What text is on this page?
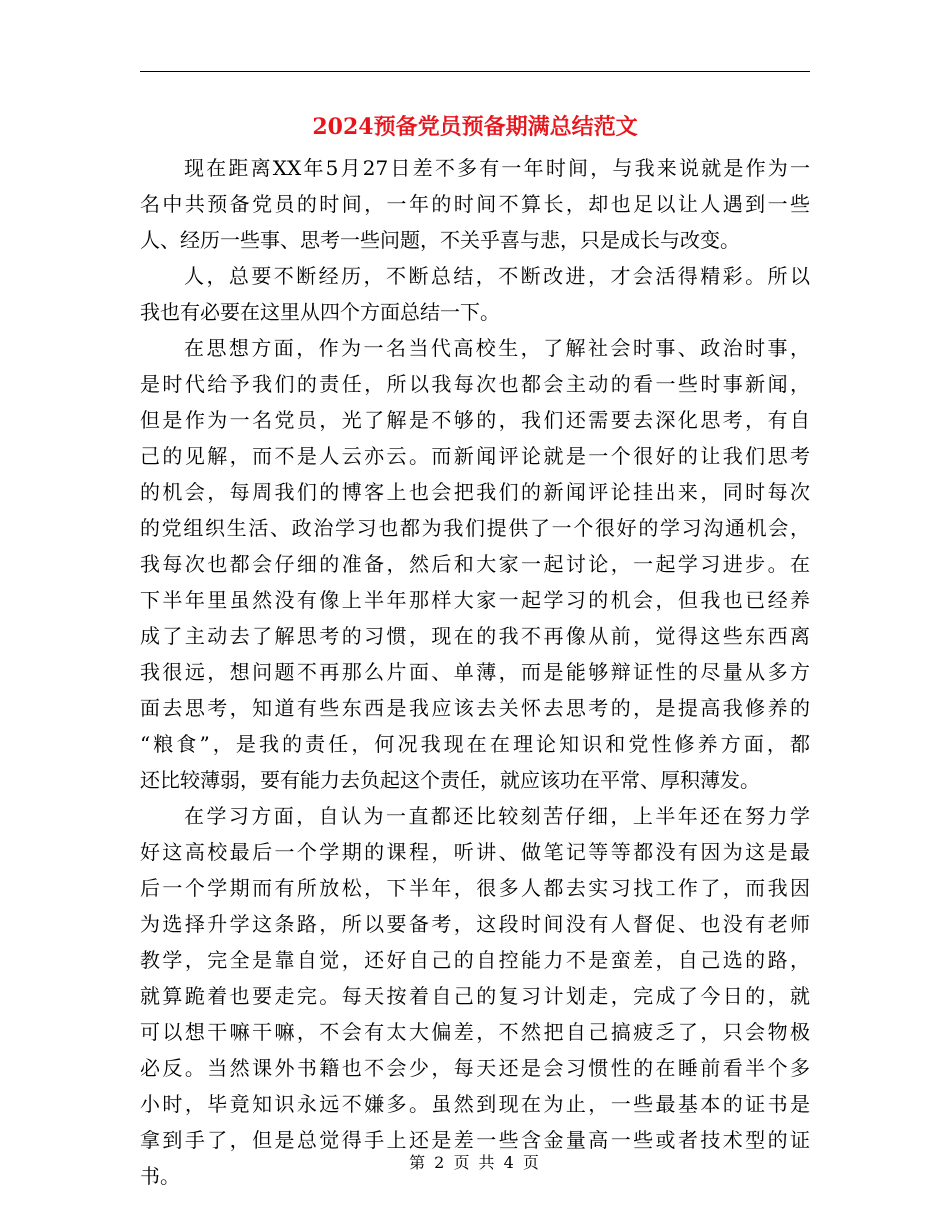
2024预备党员预备期满总结范文
现在距离XX年5月27日差不多有一年时间，与我来说就是作为一
名中共预备党员的时间，一年的时间不算长，却也足以让人遇到一些
人、经历一些事、思考一些问题，不关乎喜与悲，只是成长与改变。
人，总要不断经历，不断总结，不断改进，才会活得精彩。所以
我也有必要在这里从四个方面总结一下。
在思想方面，作为一名当代高校生，了解社会时事、政治时事，
是时代给予我们的责任，所以我每次也都会主动的看一些时事新闻，
但是作为一名党员，光了解是不够的，我们还需要去深化思考，有自
己的见解，而不是人云亦云。而新闻评论就是一个很好的让我们思考
的机会，每周我们的博客上也会把我们的新闻评论挂出来，同时每次
的党组织生活、政治学习也都为我们提供了一个很好的学习沟通机会，
我每次也都会仔细的准备，然后和大家一起讨论，一起学习进步。在
下半年里虽然没有像上半年那样大家一起学习的机会，但我也已经养
成了主动去了解思考的习惯，现在的我不再像从前，觉得这些东西离
我很远，想问题不再那么片面、单薄，而是能够辩证性的尽量从多方
面去思考，知道有些东西是我应该去关怀去思考的，是提高我修养的
“粮食”，是我的责任，何况我现在在理论知识和党性修养方面，都
还比较薄弱，要有能力去负起这个责任，就应该功在平常、厚积薄发。
在学习方面，自认为一直都还比较刻苦仔细，上半年还在努力学
好这高校最后一个学期的课程，听讲、做笔记等等都没有因为这是最
后一个学期而有所放松，下半年，很多人都去实习找工作了，而我因
为选择升学这条路，所以要备考，这段时间没有人督促、也没有老师
教学，完全是靠自觉，还好自己的自控能力不是蛮差，自己选的路，
就算跪着也要走完。每天按着自己的复习计划走，完成了今日的，就
可以想干嘛干嘛，不会有太大偏差，不然把自己搞疲乏了，只会物极
必反。当然课外书籍也不会少，每天还是会习惯性的在睡前看半个多
小时，毕竟知识永远不嫌多。虽然到现在为止，一些最基本的证书是
拿到手了，但是总觉得手上还是差一些含金量高一些或者技术型的证
书。
第 2 页 共 4 页
